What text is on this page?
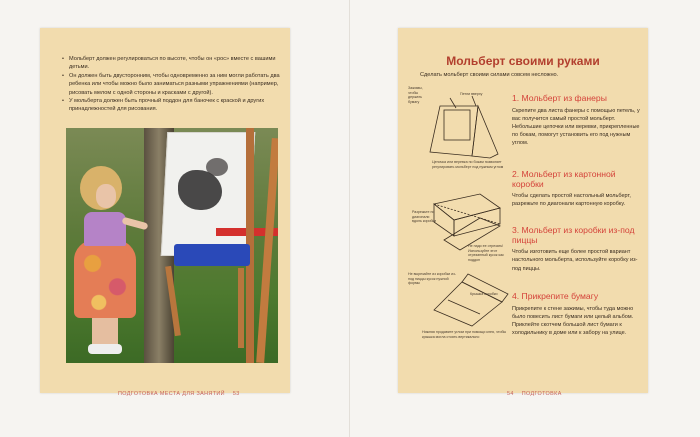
• Мольберт должен регулироваться по высоте, чтобы он «рос» вместе с вашими детьми.
• Он должен быть двусторонним, чтобы одновременно за ним могли работать два ребенка или чтобы можно было заниматься разными упражнениями (например, рисовать мелом с одной стороны и красками с другой).
• У мольберта должен быть прочный поддон для баночек с краской и других принадлежностей для рисования.
ПОДГОТОВКА МЕСТА ДЛЯ ЗАНЯТИЙ 53
Мольберт своими руками
Сделать мольберт своими силами совсем несложно.
Зажимы, чтобы держать бумагу
Петли вверху
Цепочка или веревка по бокам позволяет регулировать мольберт под нужным углом
Разрежьте по диагонали вдоль коробки
Не надо ее отрезать! Используйте этот отрезанный кусок как поддон
Не вырезайте из коробки из-под пиццы кусок нужной формы
Нижняя продавите углом при помощи клея, чтобы крышка могла стоять вертикально
Крышка коробки
1. Мольберт из фанеры

Скрепите два листа фанеры с помощью петель, у вас получится самый простой мольберт. Небольшие цепочки или веревки, прикрепленные по бокам, помогут установить его под нужным углом.

2. Мольберт из картонной коробки

Чтобы сделать простой настольный мольберт, разрежьте по диагонали картонную коробку.

3. Мольберт из коробки из-под пиццы

Чтобы изготовить еще более простой вариант настольного мольберта, используйте коробку из-под пиццы.

4. Прикрепите бумагу

Прикрепите к стене зажимы, чтобы туда можно было повесить лист бумаги или целый альбом. Приклейте скотчем большой лист бумаги к холодильнику в доме или к забору на улице.

54 ПОДГОТОВКА
